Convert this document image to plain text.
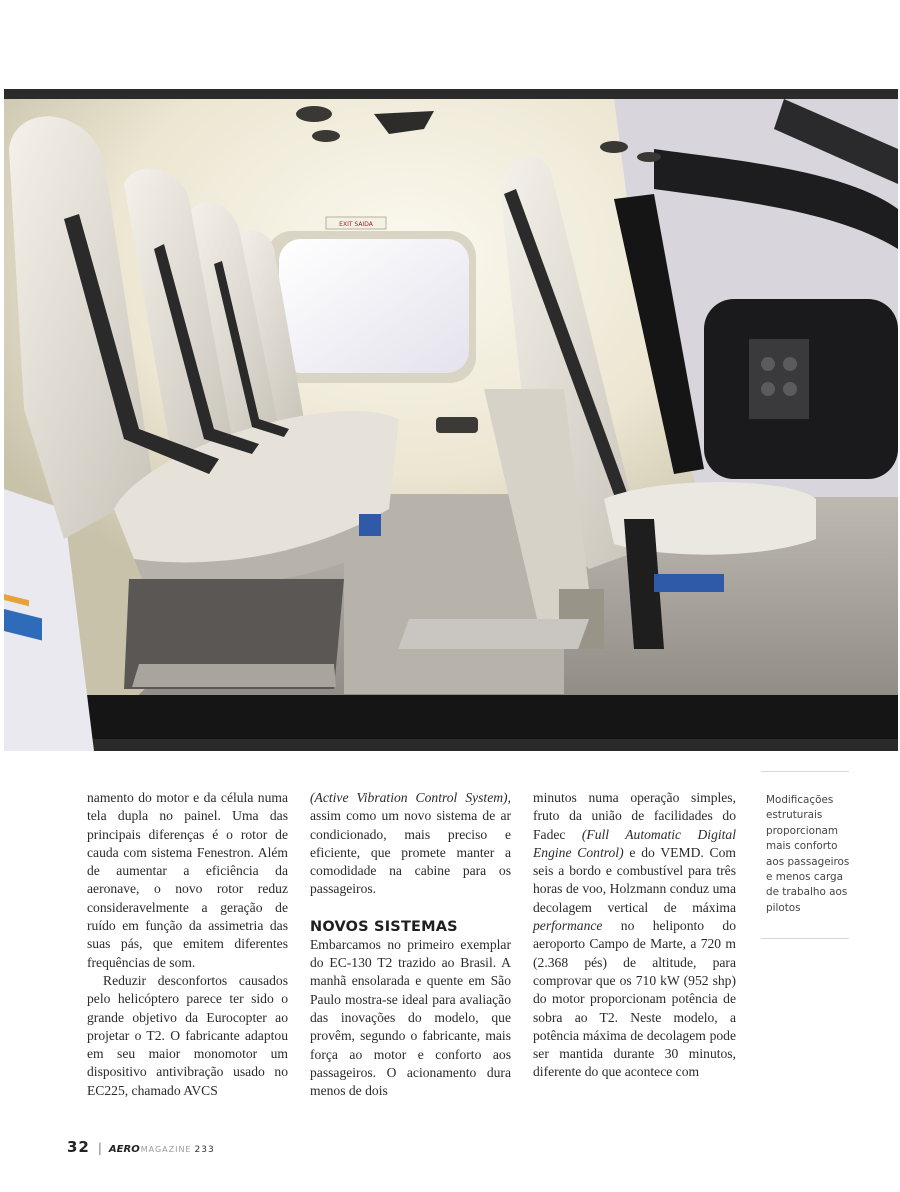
EXIT SAIDA

namento do motor e da célula numa tela dupla no painel. Uma das principais diferenças é o rotor de cauda com sistema Fenestron. Além de aumentar a eficiência da aeronave, o novo rotor reduz consideravelmente a geração de ruído em função da assimetria das suas pás, que emitem diferentes frequências de som.

Reduzir desconfortos causados pelo helicóptero parece ter sido o grande objetivo da Eurocopter ao projetar o T2. O fabricante adaptou em seu maior monomotor um dispositivo antivibração usado no EC225, chamado AVCS

(Active Vibration Control System), assim como um novo sistema de ar condicionado, mais preciso e eficiente, que promete manter a comodidade na cabine para os passageiros.

NOVOS SISTEMAS

Embarcamos no primeiro exemplar do EC-130 T2 trazido ao Brasil. A manhã ensolarada e quente em São Paulo mostra-se ideal para avaliação das inovações do modelo, que provêm, segundo o fabricante, mais força ao motor e conforto aos passageiros. O acionamento dura menos de dois

minutos numa operação simples, fruto da união de facilidades do Fadec (Full Automatic Digital Engine Control) e do VEMD. Com seis a bordo e combustível para três horas de voo, Holzmann conduz uma decolagem vertical de máxima performance no heliponto do aeroporto Campo de Marte, a 720 m (2.368 pés) de altitude, para comprovar que os 710 kW (952 shp) do motor proporcionam potência de sobra ao T2. Neste modelo, a potência máxima de decolagem pode ser mantida durante 30 minutos, diferente do que acontece com

Modificações estruturais proporcionam mais conforto aos passageiros e menos carga de trabalho aos pilotos
32 | AERO MAGAZINE 233
